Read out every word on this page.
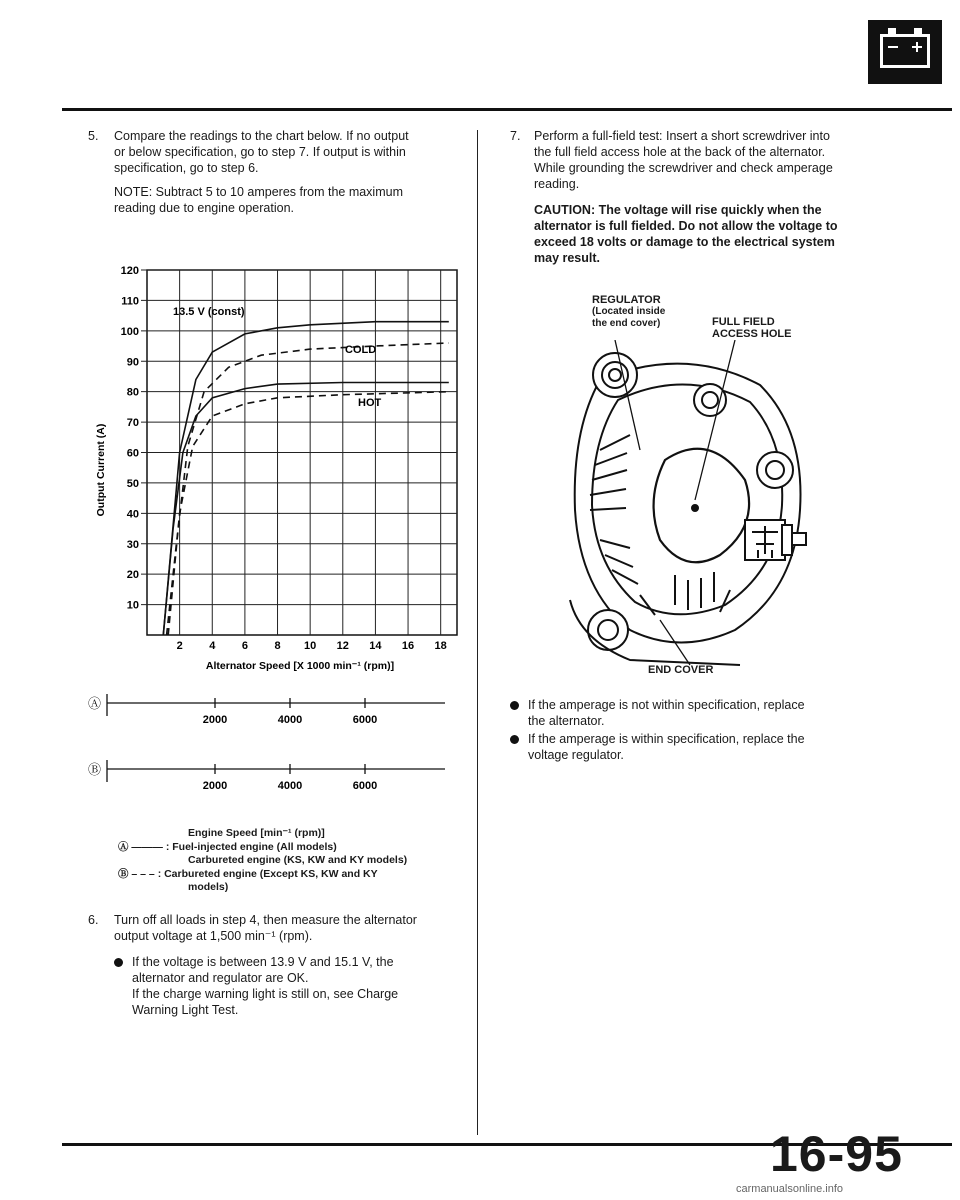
5. Compare the readings to the chart below. If no output

or below specification, go to step 7. If output is within

specification, go to step 6.

NOTE: Subtract 5 to 10 amperes from the maximum

reading due to engine operation.

2 4 6 8 10 12 14 16 18
10
20
30
40
50
60
70
80
90
100
110
120
13.5 V (const)
COLD
HOT
Output Current (A)
Alternator Speed [X 1000 min⁻¹ (rpm)]
Ⓐ
2000	4000	6000
Ⓑ
2000	4000	6000

Engine Speed [min⁻¹ (rpm)]

Ⓐ ——— : Fuel-injected engine (All models)

Carbureted engine (KS, KW and KY models)

Ⓑ – – – : Carbureted engine (Except KS, KW and KY

models)

6. Turn off all loads in step 4, then measure the alternator

output voltage at 1,500 min⁻¹ (rpm).

If the voltage is between 13.9 V and 15.1 V, the

alternator and regulator are OK.

If the charge warning light is still on, see Charge

Warning Light Test.

7. Perform a full-field test: Insert a short screwdriver into

the full field access hole at the back of the alternator.

While grounding the screwdriver and check amperage

reading.

CAUTION: The voltage will rise quickly when the

alternator is full fielded. Do not allow the voltage to

exceed 18 volts or damage to the electrical system

may result.

REGULATOR

(Located inside

the end cover)	FULL FIELD

ACCESS HOLE

END COVER

If the amperage is not within specification, replace

the alternator.

If the amperage is within specification, replace the

voltage regulator.

16-95
carmanualsonline.info
